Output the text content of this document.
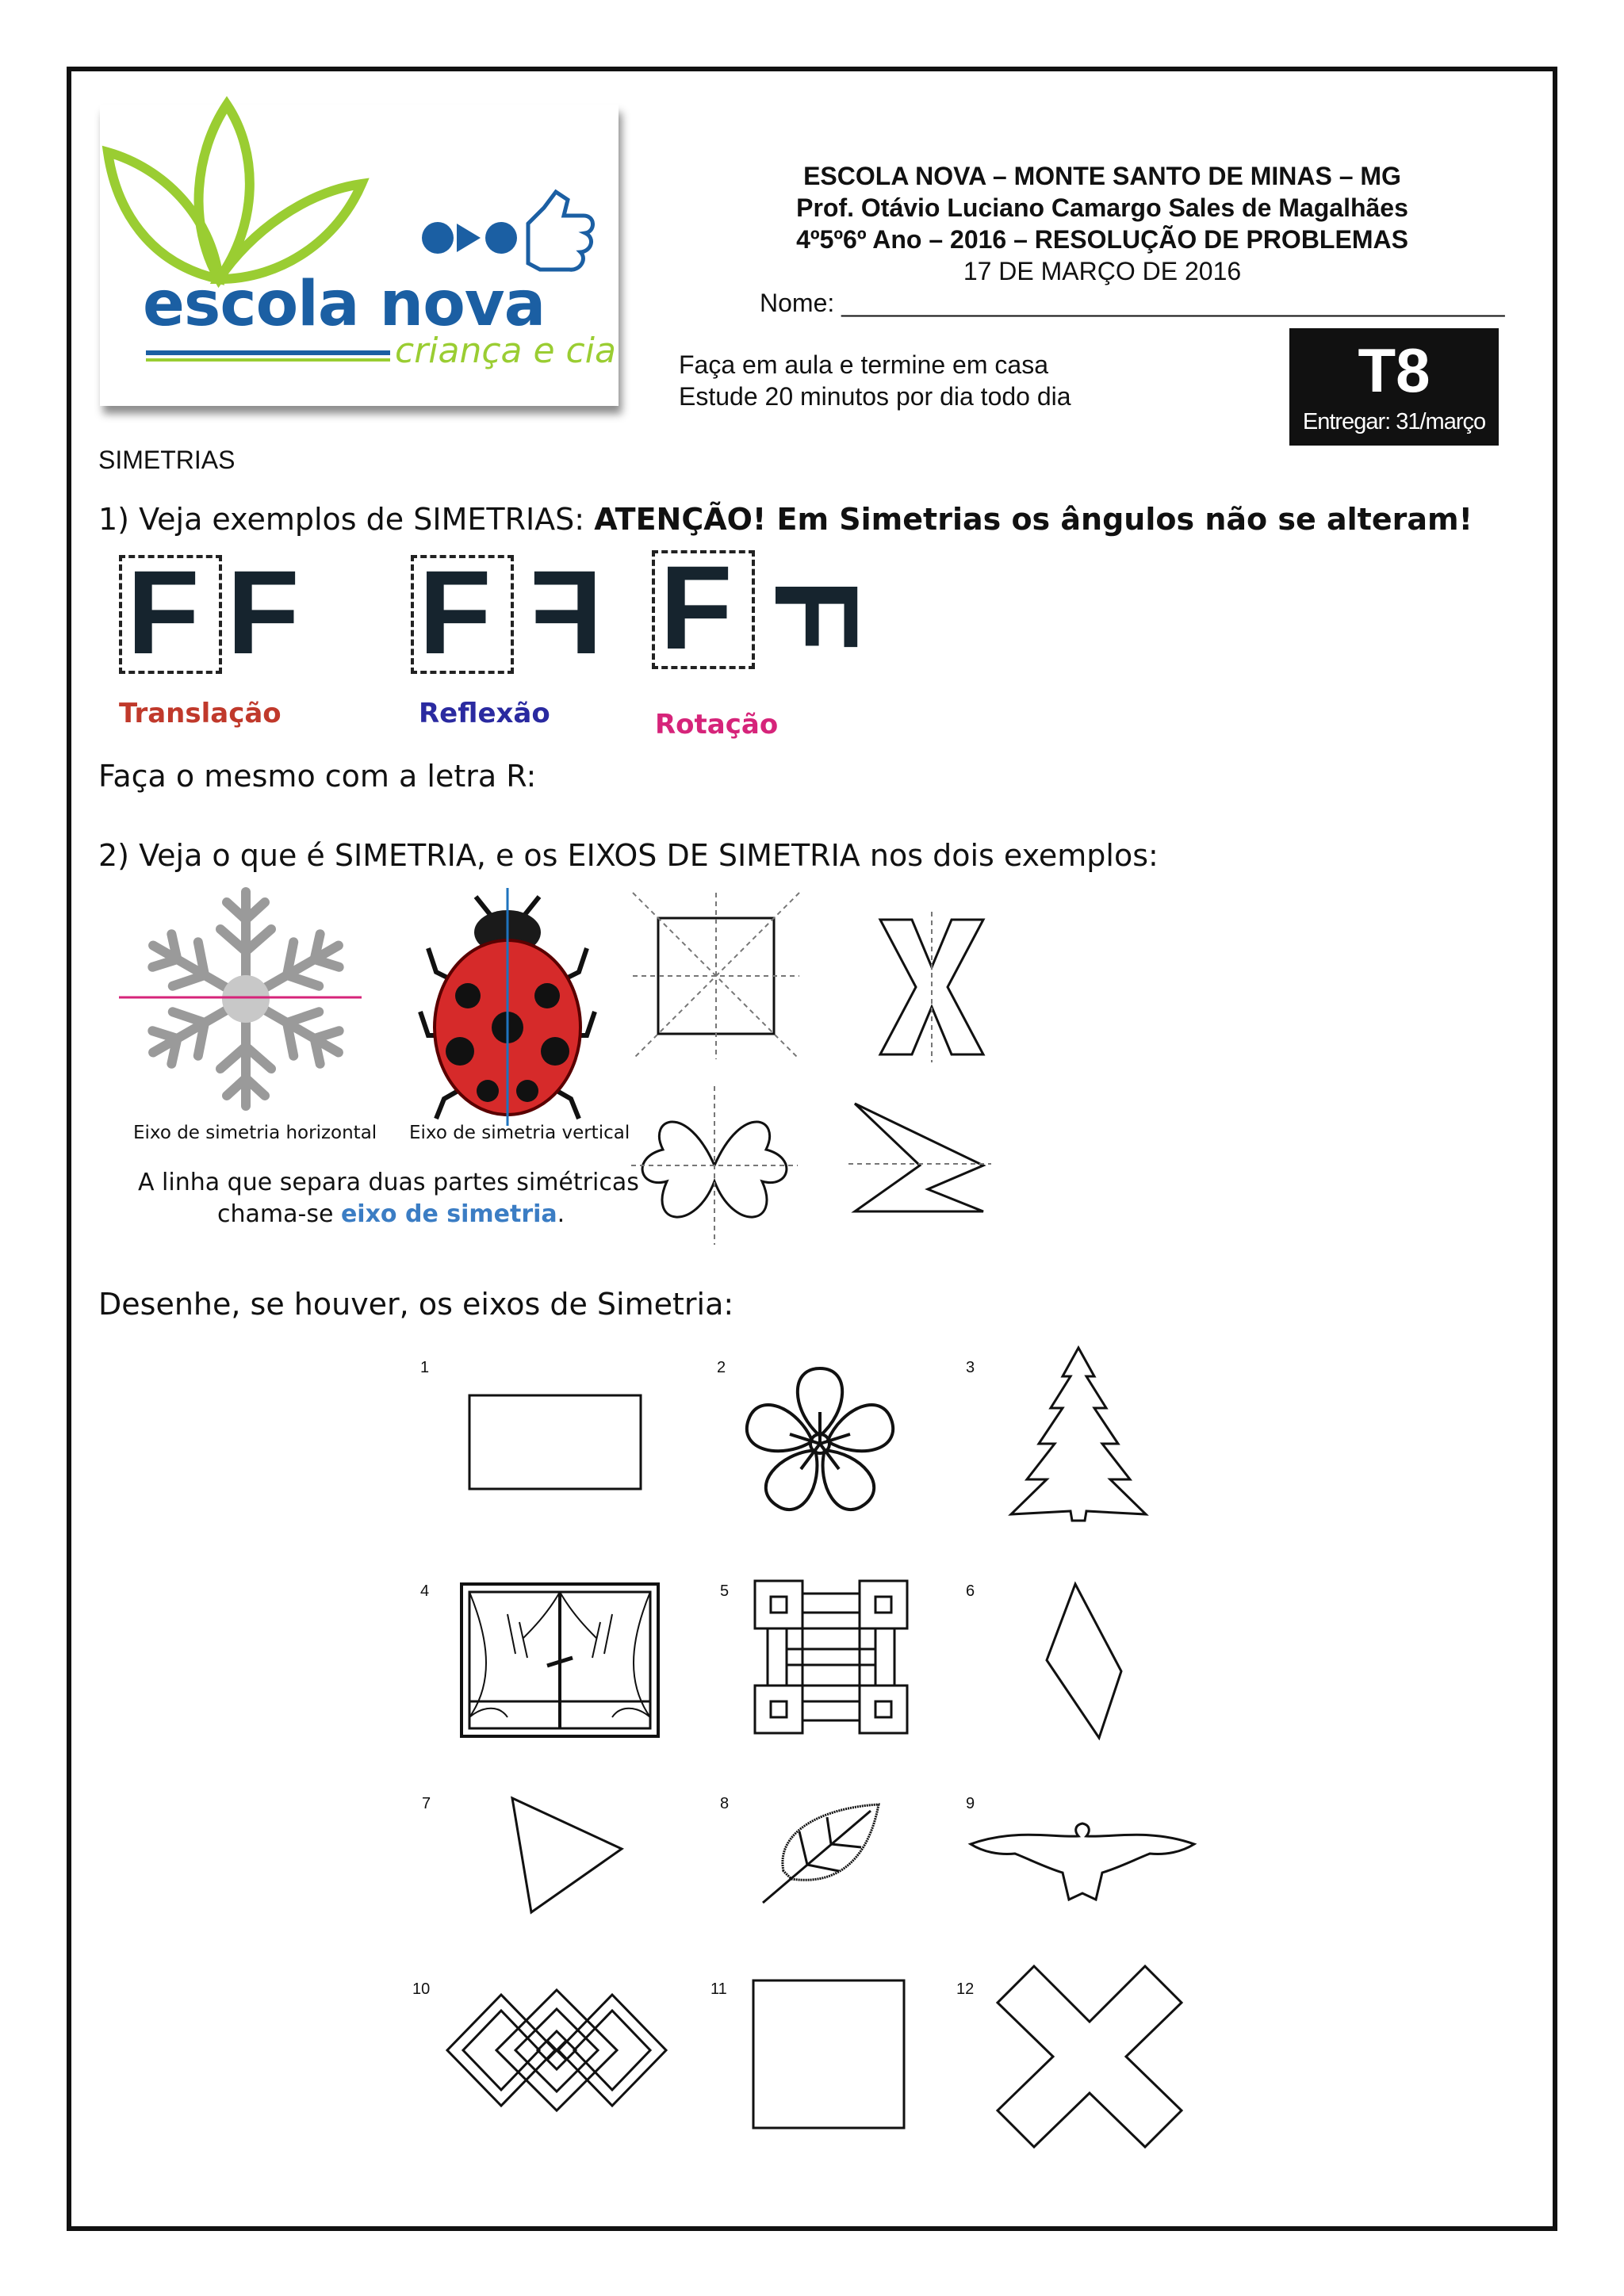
escola nova
criança e cia
ESCOLA NOVA – MONTE SANTO DE MINAS – MG
Prof. Otávio Luciano Camargo Sales de Magalhães
4º5º6º Ano – 2016 – RESOLUÇÃO DE PROBLEMAS
17 DE MARÇO DE 2016
Nome: _______________________________________________
Faça em aula e termine em casa
Estude 20 minutos por dia todo dia	T8
Entregar: 31/março
SIMETRIAS
1) Veja exemplos de SIMETRIAS: ATENÇÃO! Em Simetrias os ângulos não se alteram!
F F
Translação
F F
Reflexão
F F
Rotação
Faça o mesmo com a letra R:
2) Veja o que é SIMETRIA, e os EIXOS DE SIMETRIA nos dois exemplos:
Eixo de simetria horizontal Eixo de simetria vertical
A linha que separa duas partes simétricas
chama-se eixo de simetria.
Desenhe, se houver, os eixos de Simetria:
1	2	3
4	5	6
7	8	9
10	11	12
